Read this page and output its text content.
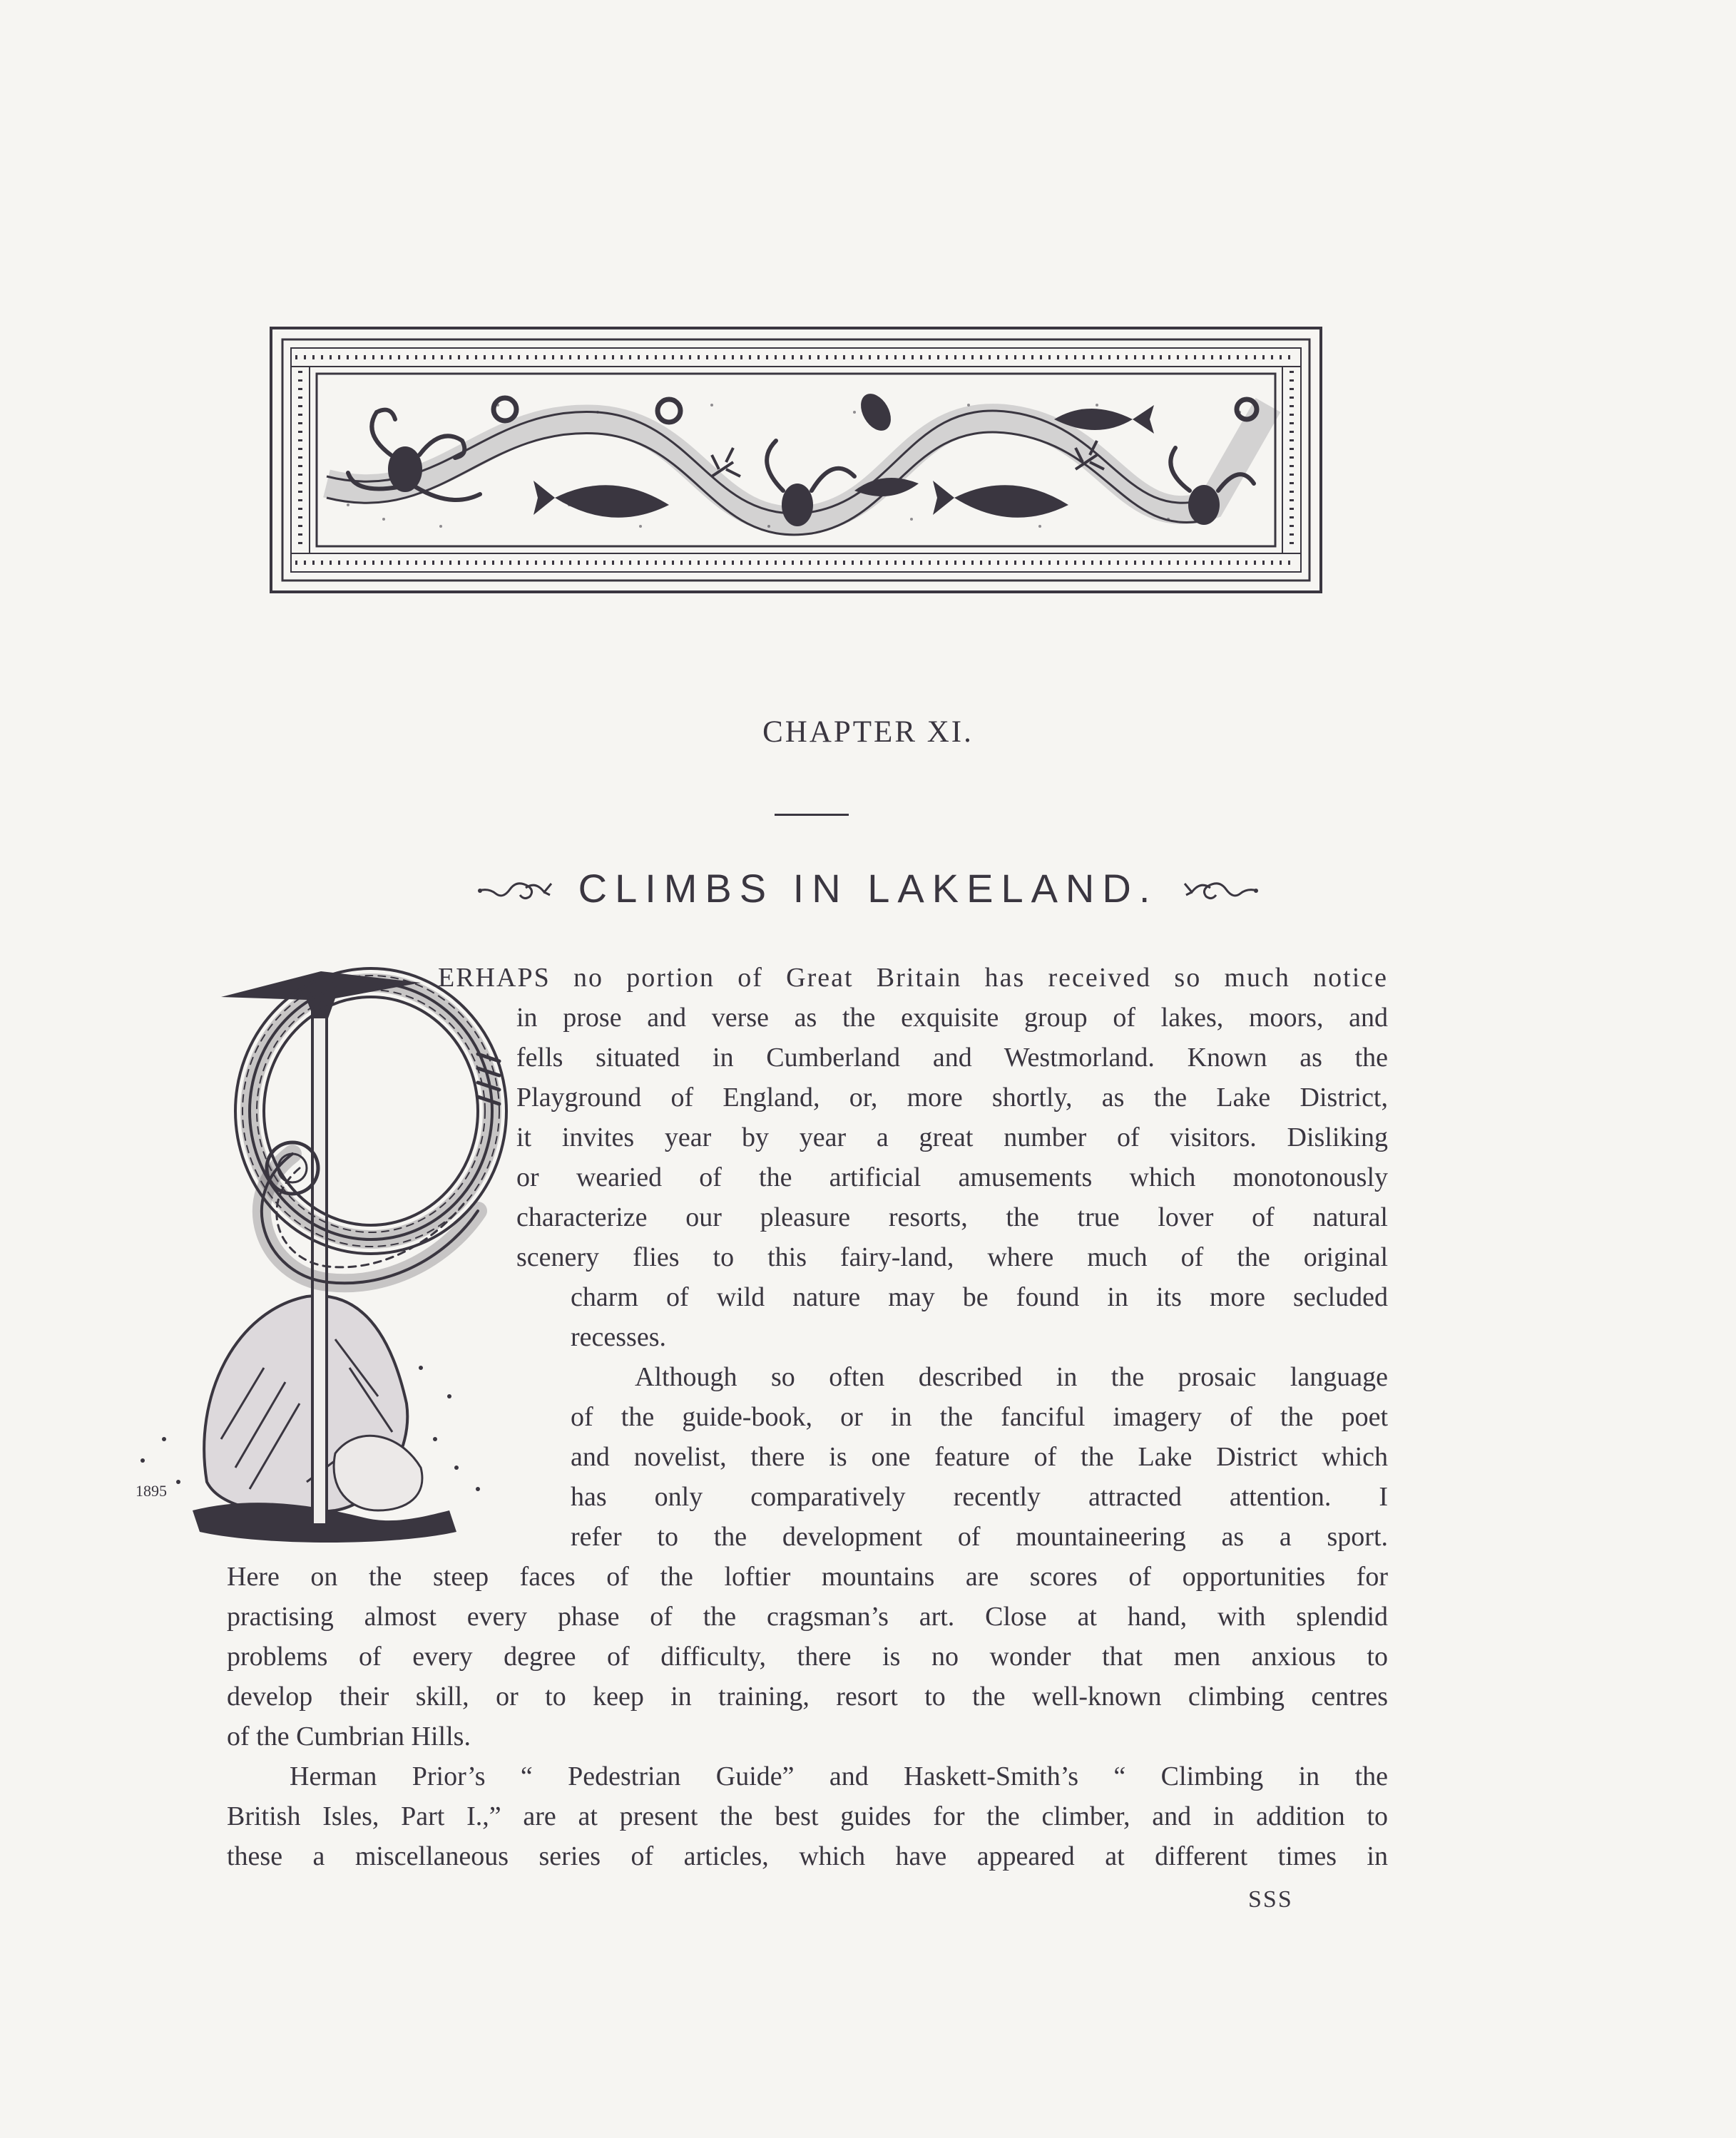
CHAPTER XI.
CLIMBS IN LAKELAND.
1895
ERHAPS no portion of Great Britain has received so much notice
in prose and verse as the exquisite group of lakes, moors, and
fells situated in Cumberland and Westmorland. Known as the
Playground of England, or, more shortly, as the Lake District,
it invites year by year a great number of visitors. Disliking
or wearied of the artificial amusements which monotonously
characterize our pleasure resorts, the true lover of natural
scenery flies to this fairy-land, where much of the original
charm of wild nature may be found in its more secluded
recesses.
Although so often described in the prosaic language
of the guide-book, or in the fanciful imagery of the poet
and novelist, there is one feature of the Lake District which
has only comparatively recently attracted attention. I
refer to the development of mountaineering as a sport.
Here on the steep faces of the loftier mountains are scores of opportunities for
practising almost every phase of the cragsman’s art. Close at hand, with splendid
problems of every degree of difficulty, there is no wonder that men anxious to
develop their skill, or to keep in training, resort to the well-known climbing centres
of the Cumbrian Hills.
Herman Prior’s “ Pedestrian Guide” and Haskett-Smith’s “ Climbing in the
British Isles, Part I.,” are at present the best guides for the climber, and in addition to
these a miscellaneous series of articles, which have appeared at different times in
SSS
